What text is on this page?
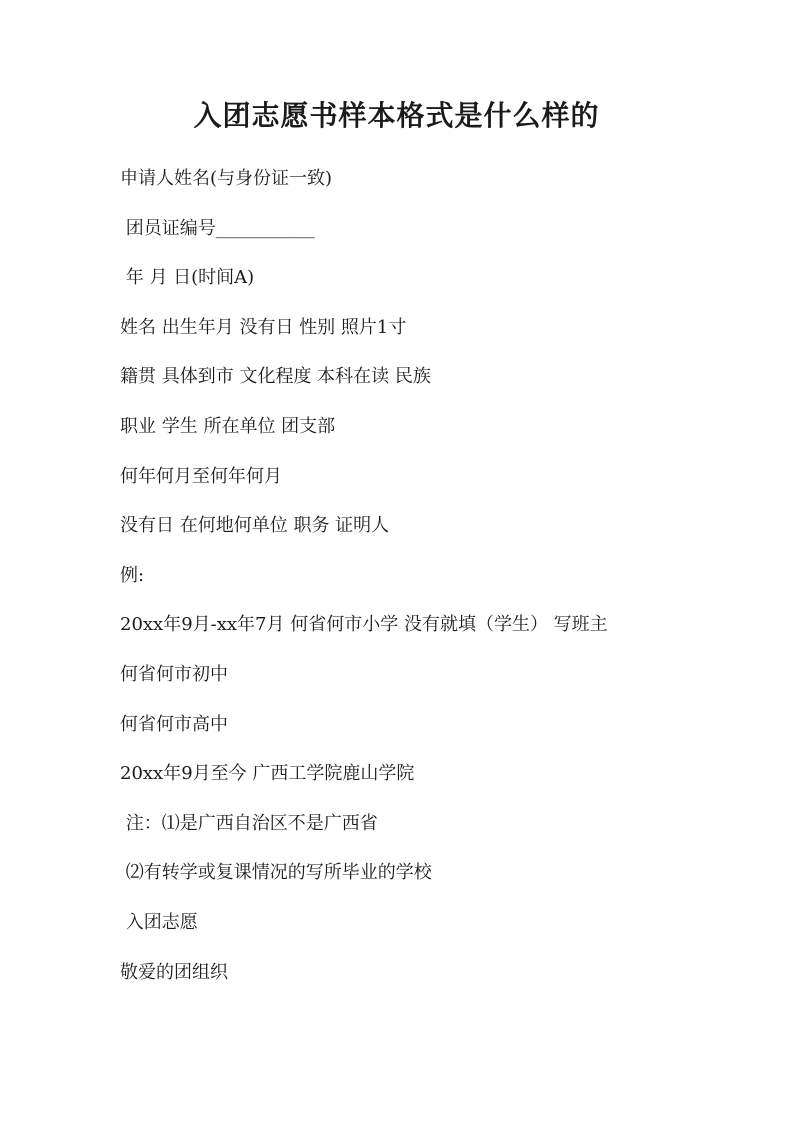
入团志愿书样本格式是什么样的
申请人姓名(与身份证一致)
团员证编号___________
年 月 日(时间A)
姓名 出生年月 没有日 性别 照片1寸
籍贯 具体到市 文化程度 本科在读 民族
职业 学生 所在单位 团支部
何年何月至何年何月
没有日 在何地何单位 职务 证明人
例:
20xx年9月-xx年7月 何省何市小学 没有就填（学生） 写班主
何省何市初中
何省何市高中
20xx年9月至今 广西工学院鹿山学院
注：⑴是广西自治区不是广西省
⑵有转学或复课情况的写所毕业的学校
入团志愿
敬爱的团组织
